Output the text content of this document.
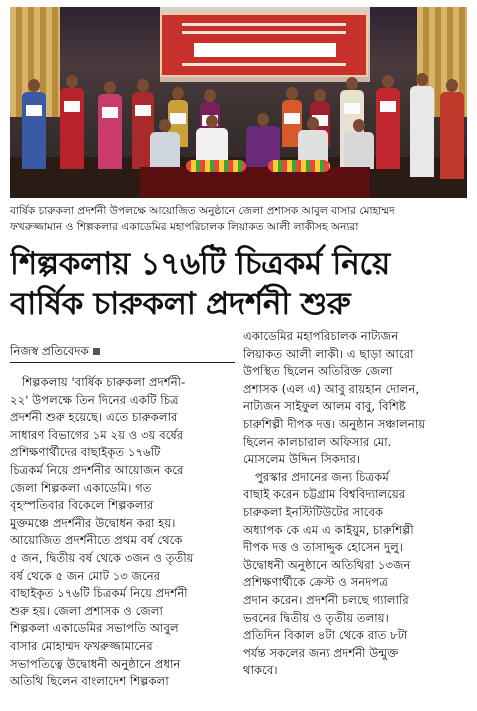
বার্ষিক চারুকলা প্রদর্শনী উপলক্ষে আয়োজিত অনুষ্ঠানে জেলা প্রশাসক আবুল বাসার মোহাম্মদ
ফখরুজ্জামান ও শিল্পকলার একাডেমির মহাপরিচালক লিয়াকত আলী লাকীসহ অন্যরা
শিল্পকলায় ১৭৬টি চিত্রকর্ম নিয়ে
বার্ষিক চারুকলা প্রদর্শনী শুরু
নিজস্ব প্রতিবেদক
শিল্পকলায় 'বার্ষিক চারুকলা প্রদর্শনী-
২২' উপলক্ষে তিন দিনের একটি চিত্র
প্রদর্শনী শুরু হয়েছে। এতে চারুকলার
সাধারণ বিভাগের ১ম ২য় ও ৩য় বর্ষের
প্রশিক্ষণার্থীদের বাছাইকৃত ১৭৬টি
চিত্রকর্ম নিয়ে প্রদর্শনীর আয়োজন করে
জেলা শিল্পকলা একাডেমি। গত
বৃহস্পতিবার বিকেলে শিল্পকলার
মুক্তমঞ্চে প্রদর্শনীর উদ্বোধন করা হয়।
আয়োজিত প্রদর্শনীতে প্রথম বর্ষ থেকে
৫ জন, দ্বিতীয় বর্ষ থেকে ৩জন ও তৃতীয়
বর্ষ থেকে ৫ জন মোট ১৩ জনের
বাছাইকৃত ১৭৬টি চিত্রকর্ম নিয়ে প্রদর্শনী
শুরু হয়। জেলা প্রশাসক ও জেলা
শিল্পকলা একাডেমির সভাপতি আবুল
বাসার মোহাম্মদ ফখরুজ্জামানের
সভাপতিত্বে উদ্বোধনী অনুষ্ঠানে প্রধান
অতিথি ছিলেন বাংলাদেশ শিল্পকলা
একাডেমির মহাপরিচালক নাট্যজন
লিয়াকত আলী লাকী। এ ছাড়া আরো
উপস্থিত ছিলেন অতিরিক্ত জেলা
প্রশাসক (এল এ) আবু রায়হান দোলন,
নাট্যজন সাইফুল আলম বাবু, বিশিষ্ট
চারুশিল্পী দীপক দত্ত। অনুষ্ঠান সঞ্চালনায়
ছিলেন কালচারাল অফিসার মো.
মোসলেম উদ্দিন সিকদার।
পুরস্কার প্রদানের জন্য চিত্রকর্ম
বাছাই করেন চট্টগ্রাম বিশ্ববিদ্যালয়ের
চারুকলা ইনস্টিটিউটের সাবেক
অধ্যাপক কে এম এ কাইয়ুম, চারুশিল্পী
দীপক দত্ত ও তাসাদ্দুক হোসেন দুলু।
উদ্বোধনী অনুষ্ঠানে অতিথিরা ১৩জন
প্রশিক্ষণার্থীকে ক্রেস্ট ও সনদপত্র
প্রদান করেন। প্রদর্শনী চলছে গ্যালারি
ভবনের দ্বিতীয় ও তৃতীয় তলায়।
প্রতিদিন বিকাল ৪টা থেকে রাত ৮টা
পর্যন্ত সকলের জন্য প্রদর্শনী উন্মুক্ত
থাকবে।
